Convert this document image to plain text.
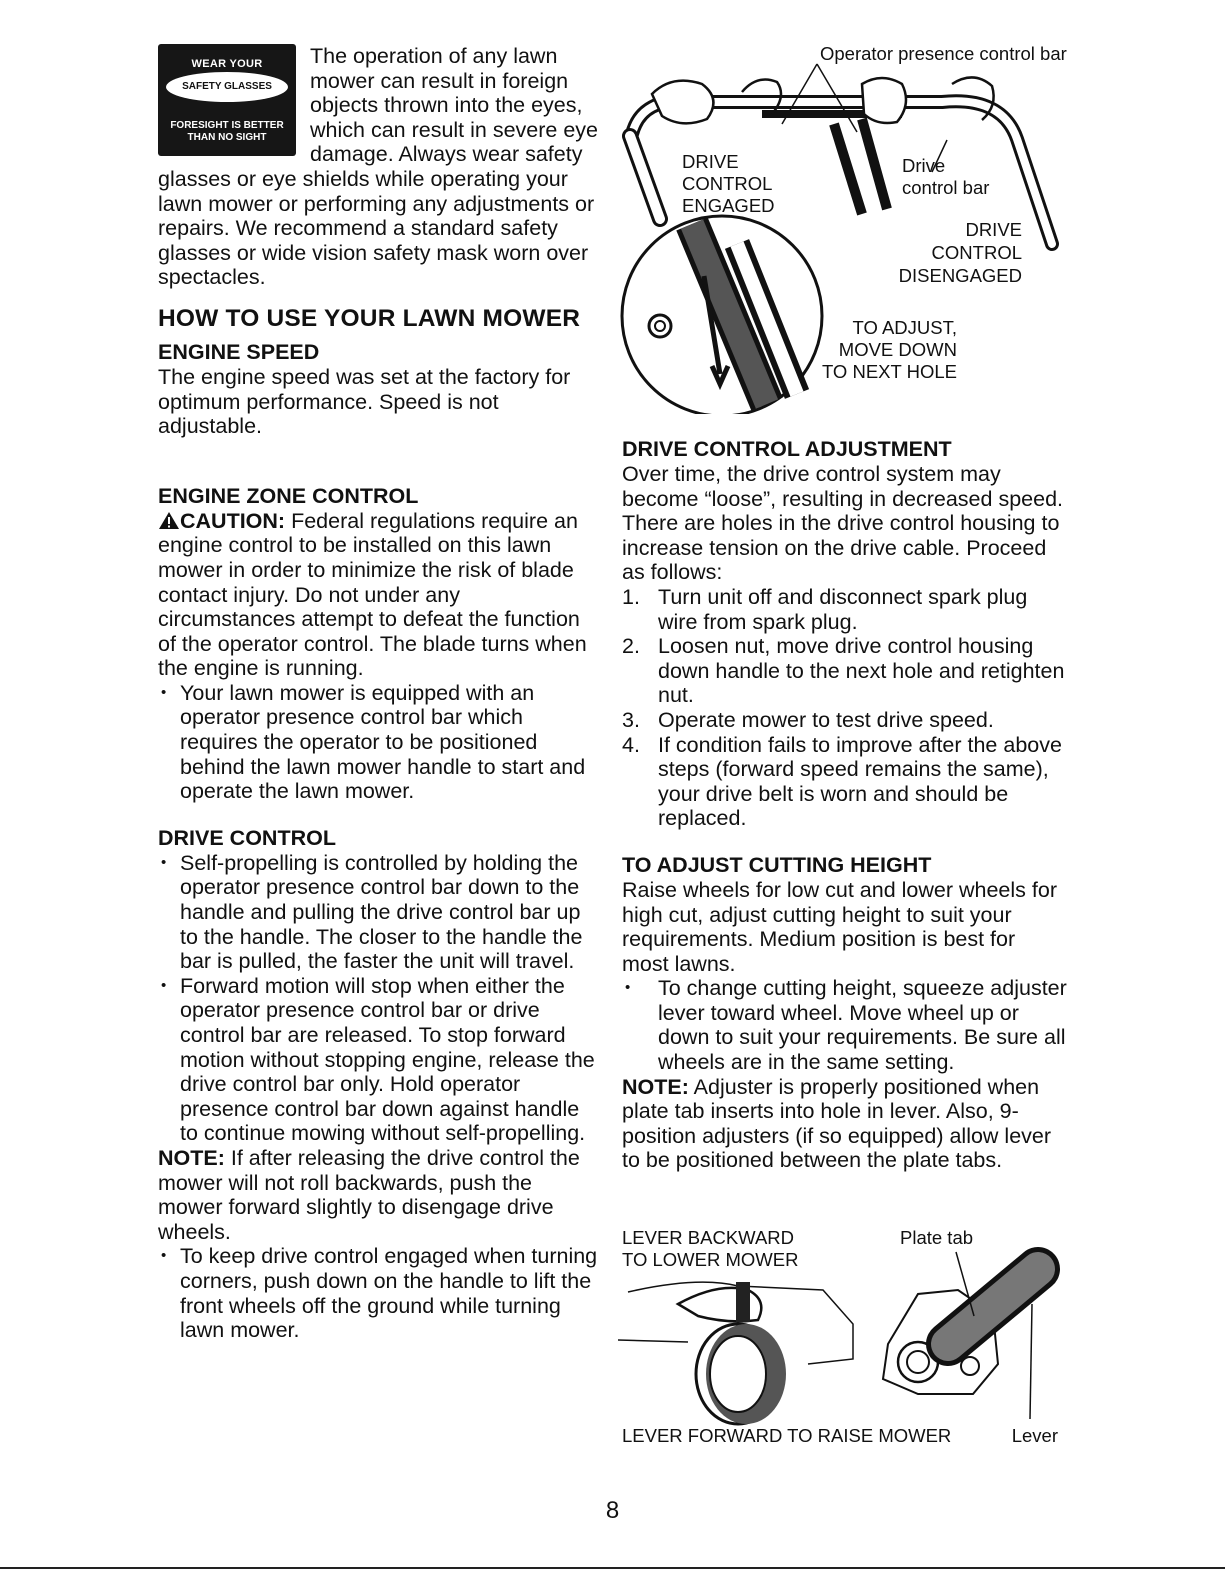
WEAR YOUR
SAFETY GLASSES
FORESIGHT IS BETTER
THAN NO SIGHT

The operation of any lawn mower can result in foreign objects thrown into the eyes, which can result in severe eye damage. Always wear safety glasses or eye shields while operating your lawn mower or performing any adjustments or repairs. We recommend a standard safety glasses or wide vision safety mask worn over spectacles.

HOW TO USE YOUR LAWN MOWER
ENGINE SPEED

The engine speed was set at the factory for optimum performance. Speed is not adjustable.

ENGINE ZONE CONTROL

CAUTION: Federal regulations require an engine control to be installed on this lawn mower in order to minimize the risk of blade contact injury. Do not under any circumstances attempt to defeat the function of the operator control. The blade turns when the engine is running.

• Your lawn mower is equipped with an operator presence control bar which requires the operator to be positioned behind the lawn mower handle to start and operate the lawn mower.
DRIVE CONTROL
• Self-propelling is controlled by holding the operator presence control bar down to the handle and pulling the drive control bar up to the handle. The closer to the handle the bar is pulled, the faster the unit will travel.
• Forward motion will stop when either the operator presence control bar or drive control bar are released. To stop forward motion without stopping engine, release the drive control bar only. Hold operator presence control bar down against handle to continue mowing without self-propelling.

NOTE: If after releasing the drive control the mower will not roll backwards, push the mower forward slightly to disengage drive wheels.

• To keep drive control engaged when turning corners, push down on the handle to lift the front wheels off the ground while turning lawn mower.
Operator presence control bar
DRIVE
CONTROL
ENGAGED
Drive
control bar
DRIVE
CONTROL
DISENGAGED
TO ADJUST,
MOVE DOWN
TO NEXT HOLE
DRIVE CONTROL ADJUSTMENT

Over time, the drive control system may become “loose”, resulting in decreased speed. There are holes in the drive control housing to increase tension on the drive cable. Proceed as follows:

1. Turn unit off and disconnect spark plug wire from spark plug.
2. Loosen nut, move drive control housing down handle to the next hole and retighten nut.
3. Operate mower to test drive speed.
4. If condition fails to improve after the above steps (forward speed remains the same), your drive belt is worn and should be replaced.
TO ADJUST CUTTING HEIGHT

Raise wheels for low cut and lower wheels for high cut, adjust cutting height to suit your requirements. Medium position is best for most lawns.

• To change cutting height, squeeze adjuster lever toward wheel. Move wheel up or down to suit your requirements. Be sure all wheels are in the same setting.

NOTE: Adjuster is properly positioned when plate tab inserts into hole in lever. Also, 9-position adjusters (if so equipped) allow lever to be positioned between the plate tabs.

LEVER BACKWARD
TO LOWER MOWER
Plate tab
LEVER FORWARD TO RAISE MOWER	Lever
8
